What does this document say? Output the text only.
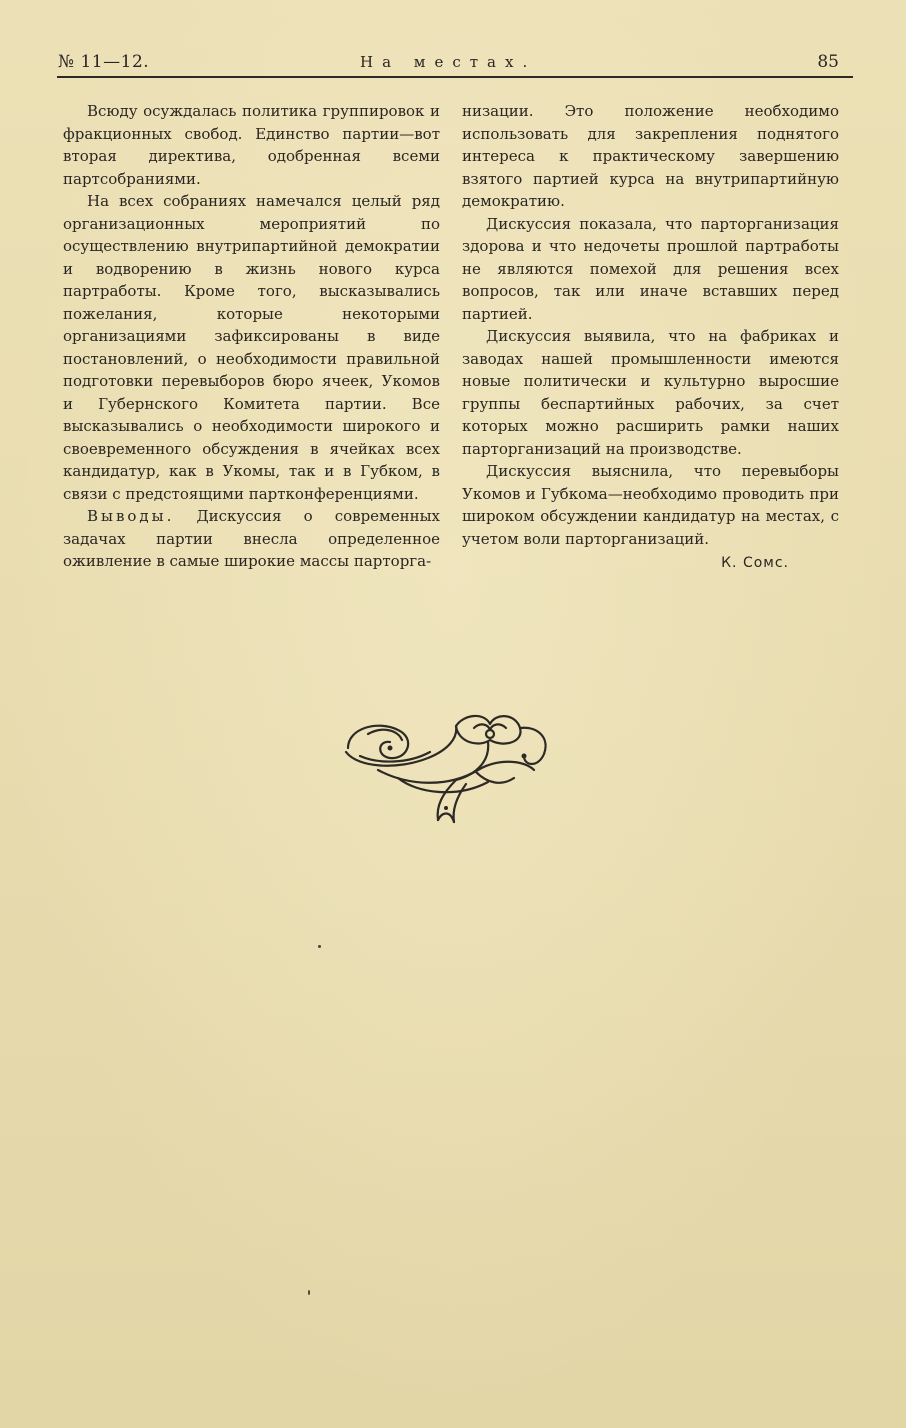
№ 11—12.	На местах.	85

Всюду осуждалась политика группировок и фракционных свобод. Единство партии—вот вторая директива, одобренная всеми партсобраниями.

На всех собраниях намечался целый ряд организационных мероприятий по осуществлению внутрипартийной демократии и водворению в жизнь нового курса партработы. Кроме того, высказывались пожелания, которые некоторыми организациями зафиксированы в виде постановлений, о необходимости правильной подготовки перевыборов бюро ячеек, Укомов и Губернского Комитета партии. Все высказывались о необходимости широкого и своевременного обсуждения в ячейках всех кандидатур, как в Укомы, так и в Губком, в связи с предстоящими партконференциями.

Выводы. Дискуссия о современных задачах партии внесла определенное оживление в самые широкие массы парторга-

низации. Это положение необходимо использовать для закрепления поднятого интереса к практическому завершению взятого партией курса на внутрипартийную демократию.

Дискуссия показала, что парторганизация здорова и что недочеты прошлой партработы не являются помехой для решения всех вопросов, так или иначе вставших перед партией.

Дискуссия выявила, что на фабриках и заводах нашей промышленности имеются новые политически и культурно выросшие группы беспартийных рабочих, за счет которых можно расширить рамки наших парторганизаций на производстве.

Дискуссия выяснила, что перевыборы Укомов и Губкома—необходимо проводить при широком обсуждении кандидатур на местах, с учетом воли парторганизаций.

К. Сомс.
